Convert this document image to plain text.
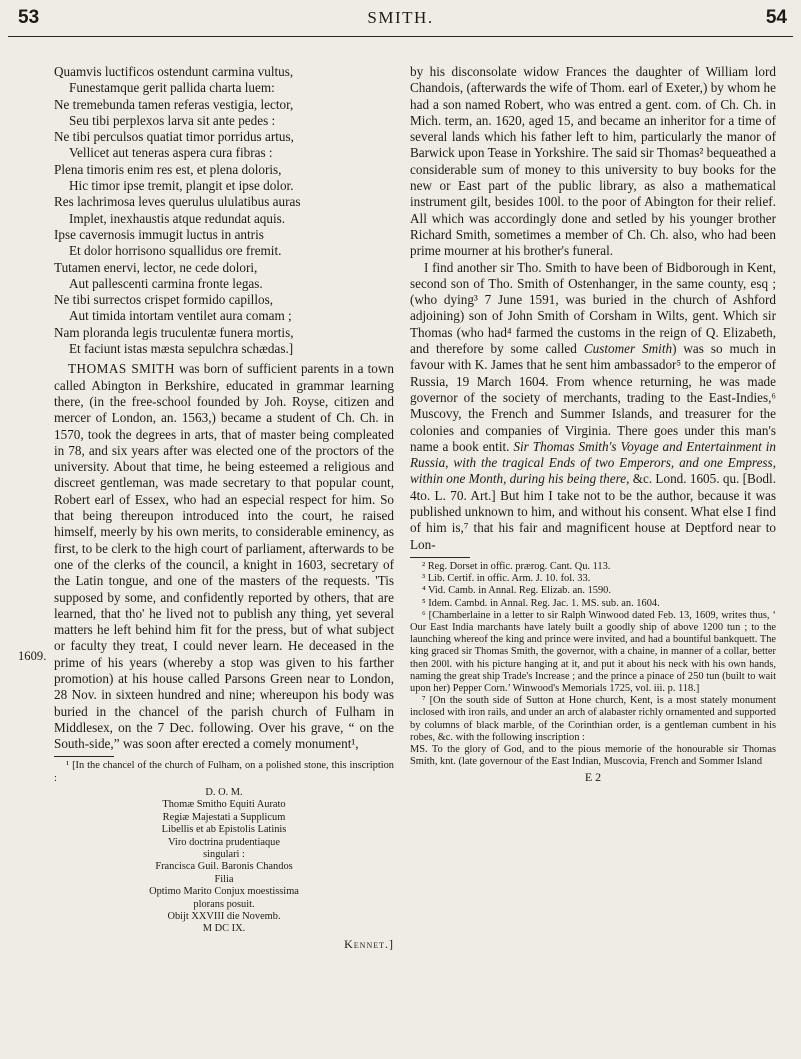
53	SMITH.	54
1609.
Quamvis luctificos ostendunt carmina vultus,
Funestamque gerit pallida charta luem:
Ne tremebunda tamen referas vestigia, lector,
Seu tibi perplexos larva sit ante pedes :
Ne tibi perculsos quatiat timor porridus artus,
Vellicet aut teneras aspera cura fibras :
Plena timoris enim res est, et plena doloris,
Hic timor ipse tremit, plangit et ipse dolor.
Res lachrimosa leves querulus ululatibus auras
Implet, inexhaustis atque redundat aquis.
Ipse cavernosis immugit luctus in antris
Et dolor horrisono squallidus ore fremit.
Tutamen enervi, lector, ne cede dolori,
Aut pallescenti carmina fronte legas.
Ne tibi surrectos crispet formido capillos,
Aut timida intortam ventilet aura comam ;
Nam ploranda legis truculentæ funera mortis,
Et faciunt istas mæsta sepulchra schædas.]

THOMAS SMITH was born of sufficient parents in a town called Abington in Berkshire, educated in grammar learning there, (in the free-school founded by Joh. Royse, citizen and mercer of London, an. 1563,) became a student of Ch. Ch. in 1570, took the degrees in arts, that of master being compleated in 78, and six years after was elected one of the proctors of the university. About that time, he being esteemed a religious and discreet gentleman, was made secretary to that popular count, Robert earl of Essex, who had an especial respect for him. So that being thereupon introduced into the court, he raised himself, meerly by his own merits, to considerable eminency, as first, to be clerk to the high court of parliament, afterwards to be one of the clerks of the council, a knight in 1603, secretary of the Latin tongue, and one of the masters of the requests. 'Tis supposed by some, and confidently reported by others, that are learned, that tho' he lived not to publish any thing, yet several matters he left behind him fit for the press, but of what subject or faculty they treat, I could never learn. He deceased in the prime of his years (whereby a stop was given to his farther promotion) at his house called Parsons Green near to London, 28 Nov. in sixteen hundred and nine; whereupon his body was buried in the chancel of the parish church of Fulham in Middlesex, on the 7 Dec. following. Over his grave, “ on the South-side,” was soon after erected a comely monument¹,

¹ [In the chancel of the church of Fulham, on a polished stone, this inscription :

D. O. M.
Thomæ Smitho Equiti Aurato
Regiæ Majestati a Supplicum
Libellis et ab Epistolis Latinis
Viro doctrina prudentiaque
singulari :
Francisca Guil. Baronis Chandos
Filia
Optimo Marito Conjux moestissima
plorans posuit.
Obijt XXVIII die Novemb.
M DC IX.
Kennet.]

by his disconsolate widow Frances the daughter of William lord Chandois, (afterwards the wife of Thom. earl of Exeter,) by whom he had a son named Robert, who was entred a gent. com. of Ch. Ch. in Mich. term, an. 1620, aged 15, and became an inheritor for a time of several lands which his father left to him, particularly the manor of Barwick upon Tease in Yorkshire. The said sir Thomas² bequeathed a considerable sum of money to this university to buy books for the new or East part of the public library, as also a mathematical instrument gilt, besides 100l. to the poor of Abington for their relief. All which was accordingly done and setled by his younger brother Richard Smith, sometimes a member of Ch. Ch. also, who had been prime mourner at his brother's funeral.

I find another sir Tho. Smith to have been of Bidborough in Kent, second son of Tho. Smith of Ostenhanger, in the same county, esq ; (who dying³ 7 June 1591, was buried in the church of Ashford adjoining) son of John Smith of Corsham in Wilts, gent. Which sir Thomas (who had⁴ farmed the customs in the reign of Q. Elizabeth, and therefore by some called Customer Smith) was so much in favour with K. James that he sent him ambassador⁵ to the emperor of Russia, 19 March 1604. From whence returning, he was made governor of the society of merchants, trading to the East-Indies,⁶ Muscovy, the French and Summer Islands, and treasurer for the colonies and companies of Virginia. There goes under this man's name a book entit. Sir Thomas Smith's Voyage and Entertainment in Russia, with the tragical Ends of two Emperors, and one Empress, within one Month, during his being there, &c. Lond. 1605. qu. [Bodl. 4to. L. 70. Art.] But him I take not to be the author, because it was published unknown to him, and without his consent. What else I find of him is,⁷ that his fair and magnificent house at Deptford near to Lon-

² Reg. Dorset in offic. prærog. Cant. Qu. 113.

³ Lib. Certif. in offic. Arm. J. 10. fol. 33.

⁴ Vid. Camb. in Annal. Reg. Elizab. an. 1590.

⁵ Idem. Cambd. in Annal. Reg. Jac. 1. MS. sub. an. 1604.

⁶ [Chamberlaine in a letter to sir Ralph Winwood dated Feb. 13, 1609, writes thus, ‘ Our East India marchants have lately built a goodly ship of above 1200 tun ; to the launching whereof the king and prince were invited, and had a bountiful bankquett. The king graced sir Thomas Smith, the governor, with a chaine, in manner of a collar, better then 200l. with his picture hanging at it, and put it about his neck with his own hands, naming the great ship Trade's Increase ; and the prince a pinace of 250 tun (built to wait upon her) Pepper Corn.’ Winwood's Memorials 1725, vol. iii. p. 118.]

⁷ [On the south side of Sutton at Hone church, Kent, is a most stately monument inclosed with iron rails, and under an arch of alabaster richly ornamented and supported by columns of black marble, of the Corinthian order, is a gentleman cumbent in his robes, &c. with the following inscription :

MS. To the glory of God, and to the pious memorie of the honourable sir Thomas Smith, knt. (late governour of the East Indian, Muscovia, French and Sommer Island

E 2
